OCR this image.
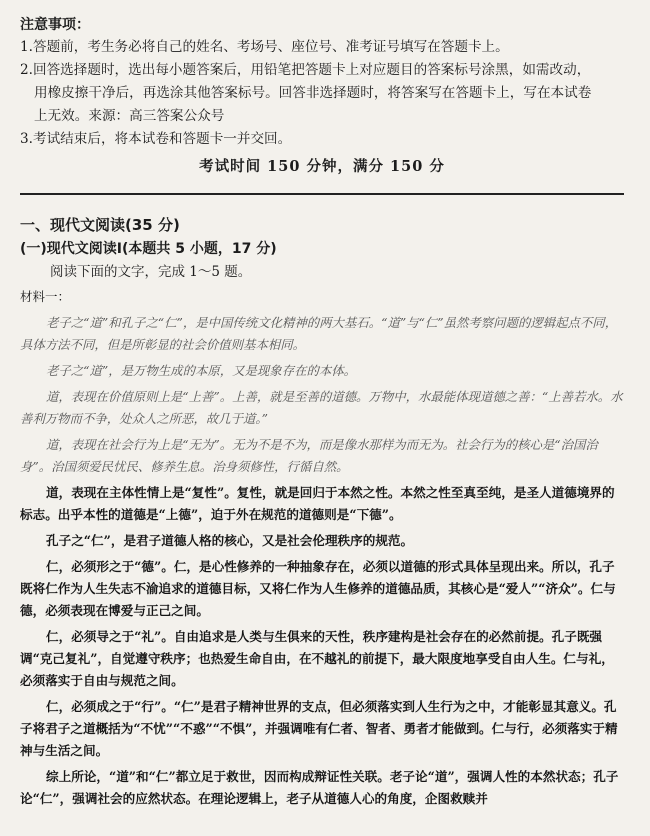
注意事项：

1.答题前，考生务必将自己的姓名、考场号、座位号、准考证号填写在答题卡上。

2.回答选择题时，选出每小题答案后，用铅笔把答题卡上对应题目的答案标号涂黑，如需改动，

用橡皮擦干净后，再选涂其他答案标号。回答非选择题时，将答案写在答题卡上，写在本试卷

上无效。来源：高三答案公众号

3.考试结束后，将本试卷和答题卡一并交回。

考试时间 150 分钟，满分 150 分
一、现代文阅读(35 分)
(一)现代文阅读Ⅰ(本题共 5 小题，17 分)
阅读下面的文字，完成 1～5 题。
材料一：

老子之“道”和孔子之“仁”，是中国传统文化精神的两大基石。“道”与“仁”虽然考察问题的逻辑起点不同，具体方法不同，但是所彰显的社会价值则基本相同。

老子之“道”，是万物生成的本原，又是现象存在的本体。

道，表现在价值原则上是“上善”。上善，就是至善的道德。万物中，水最能体现道德之善：“上善若水。水善利万物而不争，处众人之所恶，故几于道。”

道，表现在社会行为上是“无为”。无为不是不为，而是像水那样为而无为。社会行为的核心是“治国治身”。治国须爱民忧民、修养生息。治身须修性，行循自然。

道，表现在主体性情上是“复性”。复性，就是回归于本然之性。本然之性至真至纯，是圣人道德境界的标志。出乎本性的道德是“上德”，迫于外在规范的道德则是“下德”。

孔子之“仁”，是君子道德人格的核心，又是社会伦理秩序的规范。

仁，必须形之于“德”。仁，是心性修养的一种抽象存在，必须以道德的形式具体呈现出来。所以，孔子既将仁作为人生失志不渝追求的道德目标，又将仁作为人生修养的道德品质，其核心是“爱人”“济众”。仁与德，必须表现在博爱与正己之间。

仁，必须导之于“礼”。自由追求是人类与生俱来的天性，秩序建构是社会存在的必然前提。孔子既强调“克己复礼”，自觉遵守秩序；也热爱生命自由，在不越礼的前提下，最大限度地享受自由人生。仁与礼，必须落实于自由与规范之间。

仁，必须成之于“行”。“仁”是君子精神世界的支点，但必须落实到人生行为之中，才能彰显其意义。孔子将君子之道概括为“不忧”“不惑”“不惧”，并强调唯有仁者、智者、勇者才能做到。仁与行，必须落实于精神与生活之间。

综上所论，“道”和“仁”都立足于救世，因而构成辩证性关联。老子论“道”，强调人性的本然状态；孔子论“仁”，强调社会的应然状态。在理论逻辑上，老子从道德人心的角度，企图救赎并
